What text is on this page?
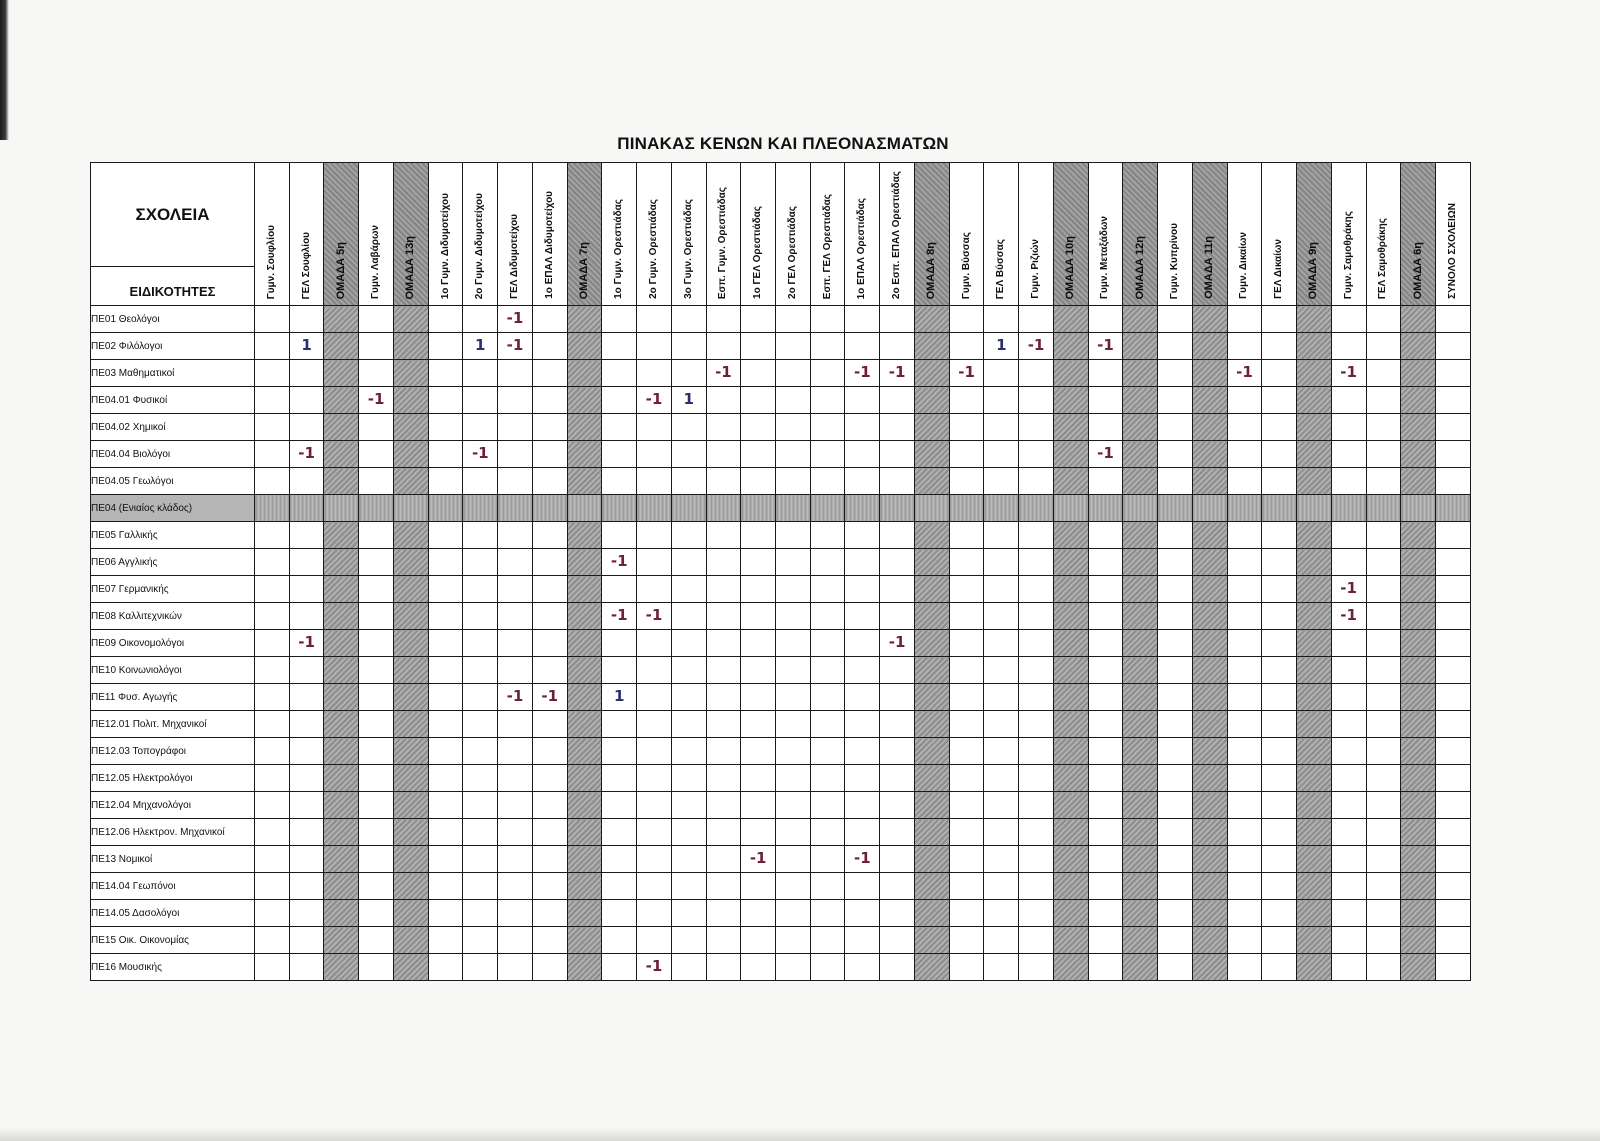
ΠΙΝΑΚΑΣ ΚΕΝΩΝ ΚΑΙ ΠΛΕΟΝΑΣΜΑΤΩΝ
ΣΧΟΛΕΙΑ
ΕΙΔΙΚΟΤΗΤΕΣ	Γυμν. Σουφλίου	ΓΕΛ Σουφλίου	ΟΜΑΔΑ 5η	Γυμν. Λαβάρων	ΟΜΑΔΑ 13η	1ο Γυμν. Διδυμοτείχου	2ο Γυμν. Διδυμοτείχου	ΓΕΛ Διδυμοτείχου	1ο ΕΠΑΛ Διδυμοτείχου	ΟΜΑΔΑ 7η	1ο Γυμν. Ορεστιάδας	2ο Γυμν. Ορεστιάδας	3ο Γυμν. Ορεστιάδας	Εσπ. Γυμν. Ορεστιάδας	1ο ΓΕΛ Ορεστιάδας	2ο ΓΕΛ Ορεστιάδας	Εσπ. ΓΕΛ Ορεστιάδας	1ο ΕΠΑΛ Ορεστιάδας	2ο Εσπ. ΕΠΑΛ Ορεστιάδας	ΟΜΑΔΑ 8η	Γυμν. Βύσσας	ΓΕΛ Βύσσας	Γυμν. Ριζιών	ΟΜΑΔΑ 10η	Γυμν. Μεταξάδων	ΟΜΑΔΑ 12η	Γυμν. Κυπρίνου	ΟΜΑΔΑ 11η	Γυμν. Δικαίων	ΓΕΛ Δικαίων	ΟΜΑΔΑ 9η	Γυμν. Σαμοθράκης	ΓΕΛ Σαμοθράκης	ΟΜΑΔΑ 6η	ΣΥΝΟΛΟ ΣΧΟΛΕΙΩΝ

ΠΕ01 Θεολόγοι								-1																											
ΠΕ02 Φιλόλογοι		1					1	-1														1	-1		-1										
ΠΕ03 Μαθηματικοί														-1				-1	-1		-1								-1			-1			
ΠΕ04.01 Φυσικοί				-1								-1	1																						
ΠΕ04.02 Χημικοί																																			
ΠΕ04.04 Βιολόγοι		-1					-1																		-1										
ΠΕ04.05 Γεωλόγοι																																			
ΠΕ04 (Ενιαίος κλάδος)																																			
ΠΕ05 Γαλλικής																																			
ΠΕ06 Αγγλικής											-1																								
ΠΕ07 Γερμανικής																																-1			
ΠΕ08 Καλλιτεχνικών											-1	-1																				-1			
ΠΕ09 Οικονομολόγοι		-1																	-1																
ΠΕ10 Κοινωνιολόγοι																																			
ΠΕ11 Φυσ. Αγωγής								-1	-1		1																								
ΠΕ12.01 Πολιτ. Μηχανικοί																																			
ΠΕ12.03 Τοπογράφοι																																			
ΠΕ12.05 Ηλεκτρολόγοι																																			
ΠΕ12.04 Μηχανολόγοι																																			
ΠΕ12.06 Ηλεκτρον. Μηχανικοί																																			
ΠΕ13 Νομικοί															-1			-1																	
ΠΕ14.04 Γεωπόνοι																																			
ΠΕ14.05 Δασολόγοι																																			
ΠΕ15 Οικ. Οικονομίας																																			
ΠΕ16 Μουσικής												-1																							
